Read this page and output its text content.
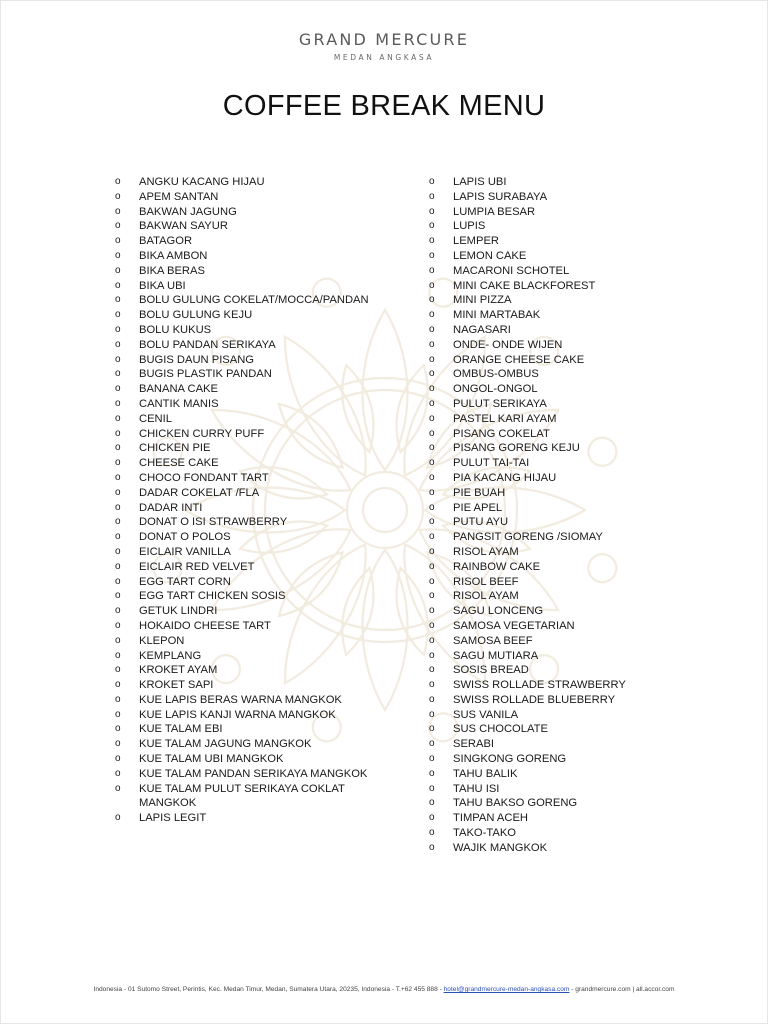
GRAND MERCURE
MEDAN ANGKASA
COFFEE BREAK MENU
o ANGKU KACANG HIJAU
o APEM SANTAN
o BAKWAN JAGUNG
o BAKWAN SAYUR
o BATAGOR
o BIKA AMBON
o BIKA BERAS
o BIKA UBI
o BOLU GULUNG COKELAT/MOCCA/PANDAN
o BOLU GULUNG KEJU
o BOLU KUKUS
o BOLU PANDAN SERIKAYA
o BUGIS DAUN PISANG
o BUGIS PLASTIK PANDAN
o BANANA CAKE
o CANTIK MANIS
o CENIL
o CHICKEN CURRY PUFF
o CHICKEN PIE
o CHEESE CAKE
o CHOCO FONDANT TART
o DADAR COKELAT /FLA
o DADAR INTI
o DONAT O ISI STRAWBERRY
o DONAT O POLOS
o EICLAIR VANILLA
o EICLAIR RED VELVET
o EGG TART CORN
o EGG TART CHICKEN SOSIS
o GETUK LINDRI
o HOKAIDO CHEESE TART
o KLEPON
o KEMPLANG
o KROKET AYAM
o KROKET SAPI
o KUE LAPIS BERAS WARNA MANGKOK
o KUE LAPIS KANJI WARNA MANGKOK
o KUE TALAM EBI
o KUE TALAM JAGUNG MANGKOK
o KUE TALAM UBI MANGKOK
o KUE TALAM PANDAN SERIKAYA MANGKOK
o KUE TALAM PULUT SERIKAYA COKLAT MANGKOK
o LAPIS LEGIT
o LAPIS UBI
o LAPIS SURABAYA
o LUMPIA BESAR
o LUPIS
o LEMPER
o LEMON CAKE
o MACARONI SCHOTEL
o MINI CAKE BLACKFOREST
o MINI PIZZA
o MINI MARTABAK
o NAGASARI
o ONDE- ONDE WIJEN
o ORANGE CHEESE CAKE
o OMBUS-OMBUS
o ONGOL-ONGOL
o PULUT SERIKAYA
o PASTEL KARI AYAM
o PISANG COKELAT
o PISANG GORENG KEJU
o PULUT TAI-TAI
o PIA KACANG HIJAU
o PIE BUAH
o PIE APEL
o PUTU AYU
o PANGSIT GORENG /SIOMAY
o RISOL AYAM
o RAINBOW CAKE
o RISOL BEEF
o RISOL AYAM
o SAGU LONCENG
o SAMOSA VEGETARIAN
o SAMOSA BEEF
o SAGU MUTIARA
o SOSIS BREAD
o SWISS ROLLADE STRAWBERRY
o SWISS ROLLADE BLUEBERRY
o SUS VANILA
o SUS CHOCOLATE
o SERABI
o SINGKONG GORENG
o TAHU BALIK
o TAHU ISI
o TAHU BAKSO GORENG
o TIMPAN ACEH
o TAKO-TAKO
o WAJIK MANGKOK
Indonesia - 01 Sutomo Street, Perintis, Kec. Medan Timur, Medan, Sumatera Utara, 20235, Indonesia - T.+62 455 888 - hotel@grandmercure-medan-angkasa.com - grandmercure.com | all.accor.com
